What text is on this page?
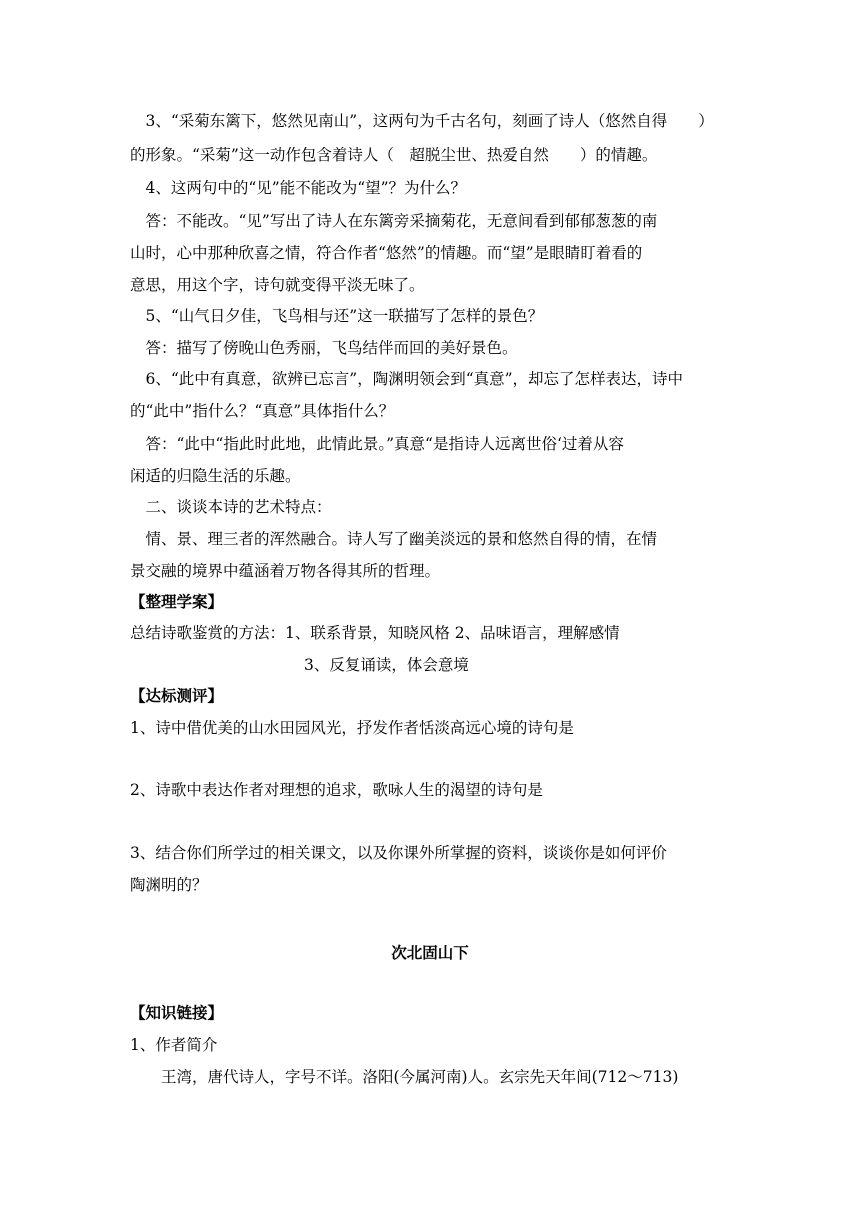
　3、“采菊东篱下，悠然见南山”，这两句为千古名句，刻画了诗人（悠然自得　　）
的形象。“采菊”这一动作包含着诗人（　超脱尘世、热爱自然　　）的情趣。
　4、这两句中的“见”能不能改为“望”？为什么？
　答：不能改。“见”写出了诗人在东篱旁采摘菊花，无意间看到郁郁葱葱的南
山时，心中那种欣喜之情，符合作者“悠然”的情趣。而“望”是眼睛盯着看的
意思，用这个字，诗句就变得平淡无味了。
　5、“山气日夕佳，飞鸟相与还”这一联描写了怎样的景色？
　答：描写了傍晚山色秀丽，飞鸟结伴而回的美好景色。
　6、“此中有真意，欲辨已忘言”，陶渊明领会到“真意”，却忘了怎样表达，诗中
的“此中”指什么？“真意”具体指什么？
　答：“此中“指此时此地，此情此景。”真意“是指诗人远离世俗‘过着从容
闲适的归隐生活的乐趣。
　二、谈谈本诗的艺术特点：
　情、景、理三者的浑然融合。诗人写了幽美淡远的景和悠然自得的情，在情
景交融的境界中蕴涵着万物各得其所的哲理。
【整理学案】
总结诗歌鉴赏的方法：1、联系背景，知晓风格 2、品味语言，理解感情
3、反复诵读，体会意境
【达标测评】
1、诗中借优美的山水田园风光，抒发作者恬淡高远心境的诗句是
2、诗歌中表达作者对理想的追求，歌咏人生的渴望的诗句是
3、结合你们所学过的相关课文，以及你课外所掌握的资料，谈谈你是如何评价
陶渊明的？
次北固山下
【知识链接】
1、作者简介
　　王湾，唐代诗人，字号不详。洛阳(今属河南)人。玄宗先天年间(712～713)
